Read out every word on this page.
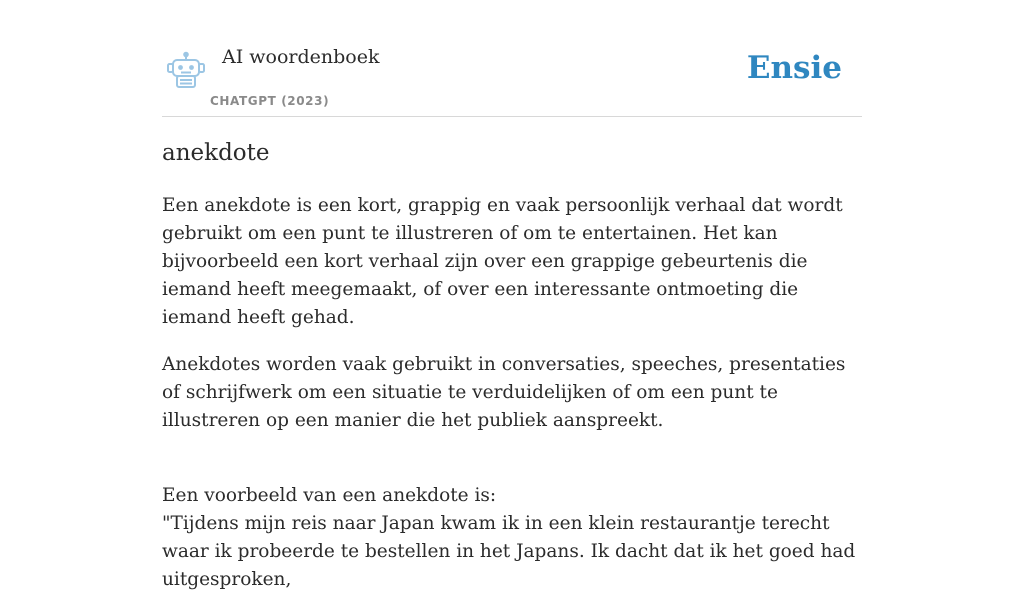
AI woordenboek
CHATGPT (2023)
Ensie
anekdote

Een anekdote is een kort, grappig en vaak persoonlijk verhaal dat wordt gebruikt om een punt te illustreren of om te entertainen. Het kan bijvoorbeeld een kort verhaal zijn over een grappige gebeurtenis die iemand heeft meegemaakt, of over een interessante ontmoeting die iemand heeft gehad.

Anekdotes worden vaak gebruikt in conversaties, speeches, presentaties of schrijfwerk om een situatie te verduidelijken of om een punt te illustreren op een manier die het publiek aanspreekt.

Een voorbeeld van een anekdote is:
"Tijdens mijn reis naar Japan kwam ik in een klein restaurantje terecht waar ik probeerde te bestellen in het Japans. Ik dacht dat ik het goed had uitgesproken,
